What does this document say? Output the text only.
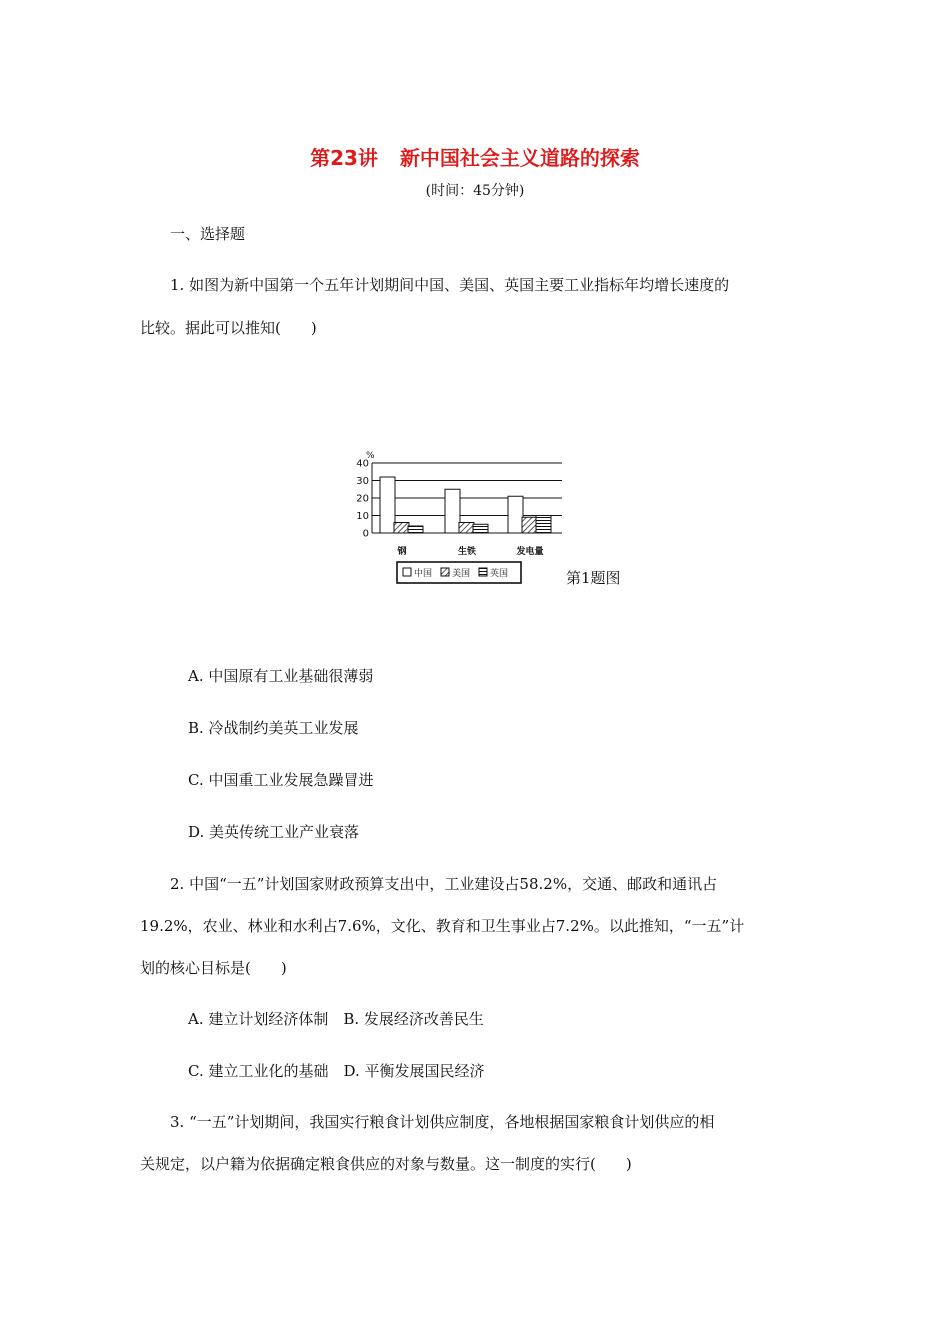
第23讲 新中国社会主义道路的探索
(时间：45分钟)
一、选择题
1. 如图为新中国第一个五年计划期间中国、美国、英国主要工业指标年均增长速度的
比较。据此可以推知(　　)
0
10
20
30
40
%
钢	生铁	发电量
中国 美国 英国	第1题图
A. 中国原有工业基础很薄弱
B. 冷战制约美英工业发展
C. 中国重工业发展急躁冒进
D. 美英传统工业产业衰落
2. 中国“一五”计划国家财政预算支出中，工业建设占58.2%，交通、邮政和通讯占
19.2%，农业、林业和水利占7.6%，文化、教育和卫生事业占7.2%。以此推知，“一五”计
划的核心目标是(　　)
A. 建立计划经济体制　B. 发展经济改善民生
C. 建立工业化的基础　D. 平衡发展国民经济
3. “一五”计划期间，我国实行粮食计划供应制度，各地根据国家粮食计划供应的相
关规定，以户籍为依据确定粮食供应的对象与数量。这一制度的实行(　　)
